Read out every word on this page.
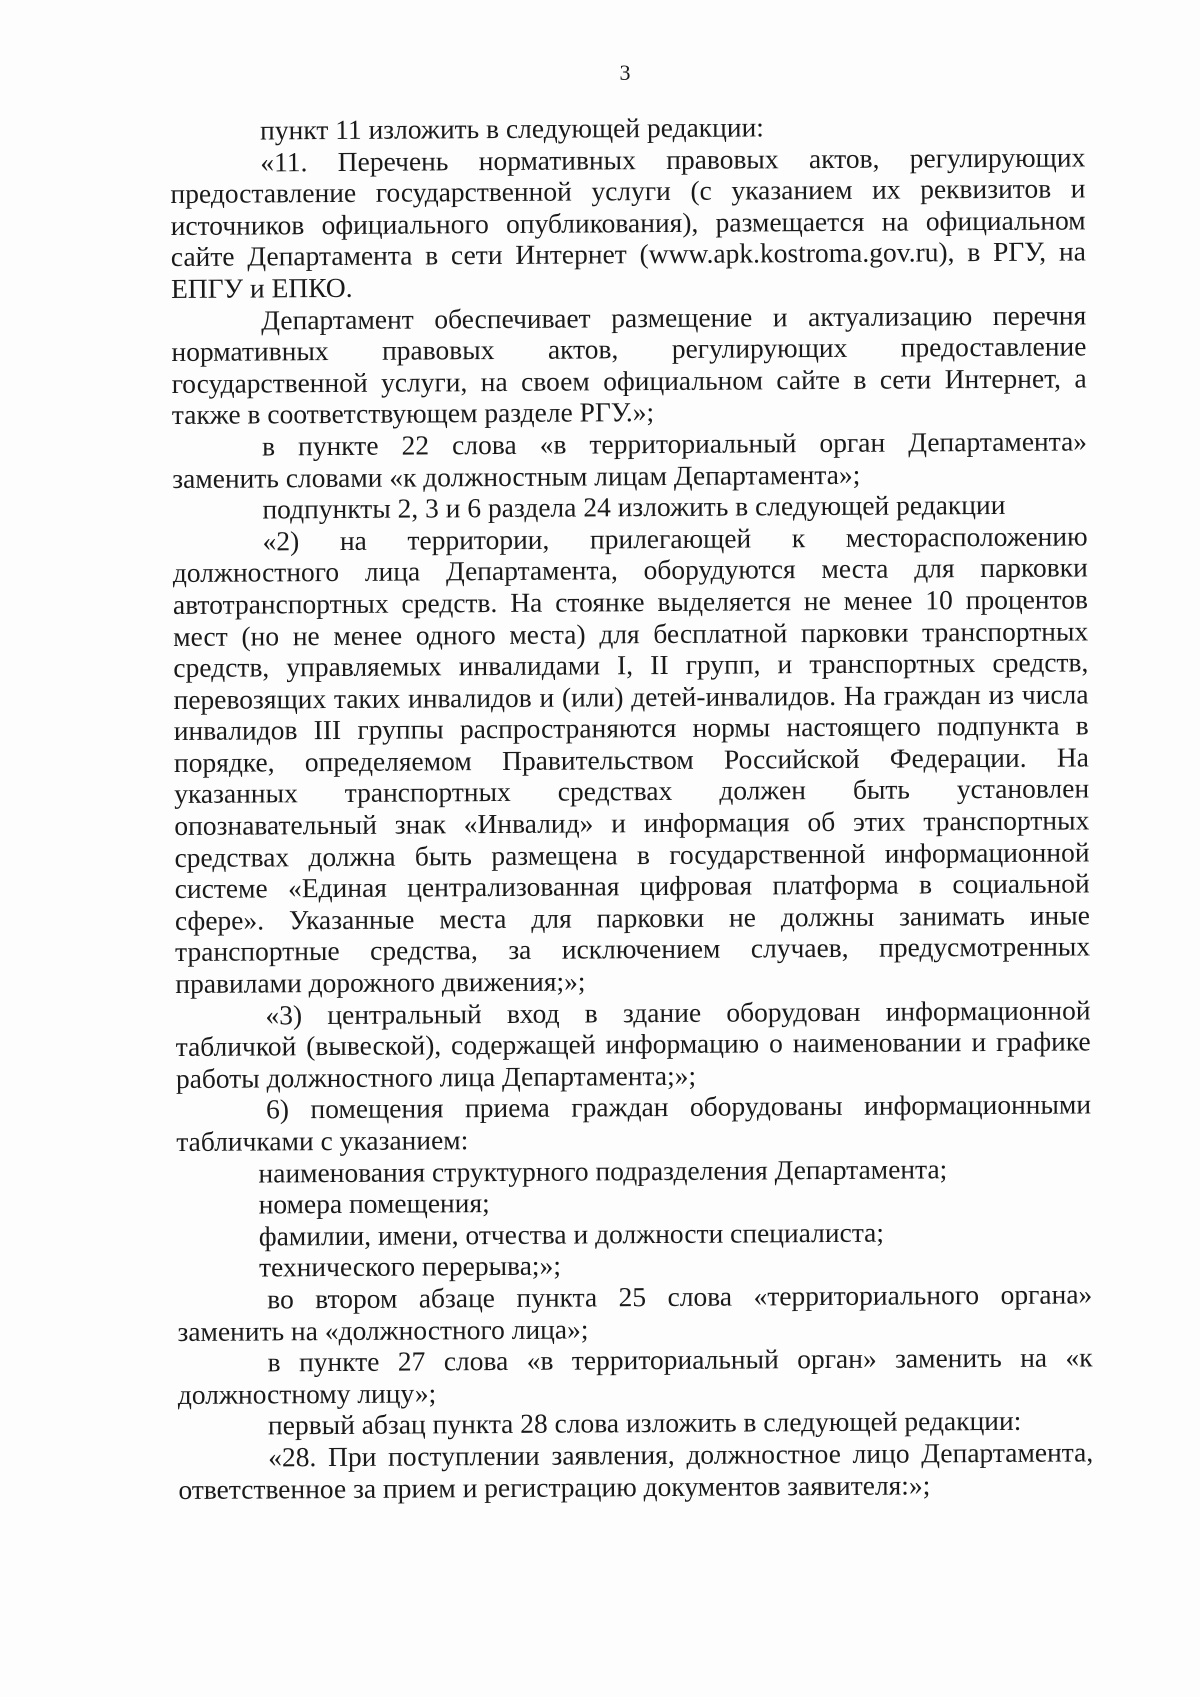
3

пункт 11 изложить в следующей редакции:

«11. Перечень нормативных правовых актов, регулирующих предоставление государственной услуги (с указанием их реквизитов и источников официального опубликования), размещается на официальном сайте Департамента в сети Интернет (www.apk.kostroma.gov.ru), в РГУ, на ЕПГУ и ЕПКО.

Департамент обеспечивает размещение и актуализацию перечня нормативных правовых актов, регулирующих предоставление государственной услуги, на своем официальном сайте в сети Интернет, а также в соответствующем разделе РГУ.»;

в пункте 22 слова «в территориальный орган Департамента» заменить словами «к должностным лицам Департамента»;

подпункты 2, 3 и 6 раздела 24 изложить в следующей редакции

«2) на территории, прилегающей к месторасположению должностного лица Департамента, оборудуются места для парковки автотранспортных средств. На стоянке выделяется не менее 10 процентов мест (но не менее одного места) для бесплатной парковки транспортных средств, управляемых инвалидами I, II групп, и транспортных средств, перевозящих таких инвалидов и (или) детей-инвалидов. На граждан из числа инвалидов III группы распространяются нормы настоящего подпункта в порядке, определяемом Правительством Российской Федерации. На указанных транспортных средствах должен быть установлен опознавательный знак «Инвалид» и информация об этих транспортных средствах должна быть размещена в государственной информационной системе «Единая централизованная цифровая платформа в социальной сфере». Указанные места для парковки не должны занимать иные транспортные средства, за исключением случаев, предусмотренных правилами дорожного движения;»;

«3) центральный вход в здание оборудован информационной табличкой (вывеской), содержащей информацию о наименовании и графике работы должностного лица Департамента;»;

6) помещения приема граждан оборудованы информационными табличками с указанием:

наименования структурного подразделения Департамента;

номера помещения;

фамилии, имени, отчества и должности специалиста;

технического перерыва;»;

во втором абзаце пункта 25 слова «территориального органа» заменить на «должностного лица»;

в пункте 27 слова «в территориальный орган» заменить на «к должностному лицу»;

первый абзац пункта 28 слова изложить в следующей редакции:

«28. При поступлении заявления, должностное лицо Департамента, ответственное за прием и регистрацию документов заявителя:»;
